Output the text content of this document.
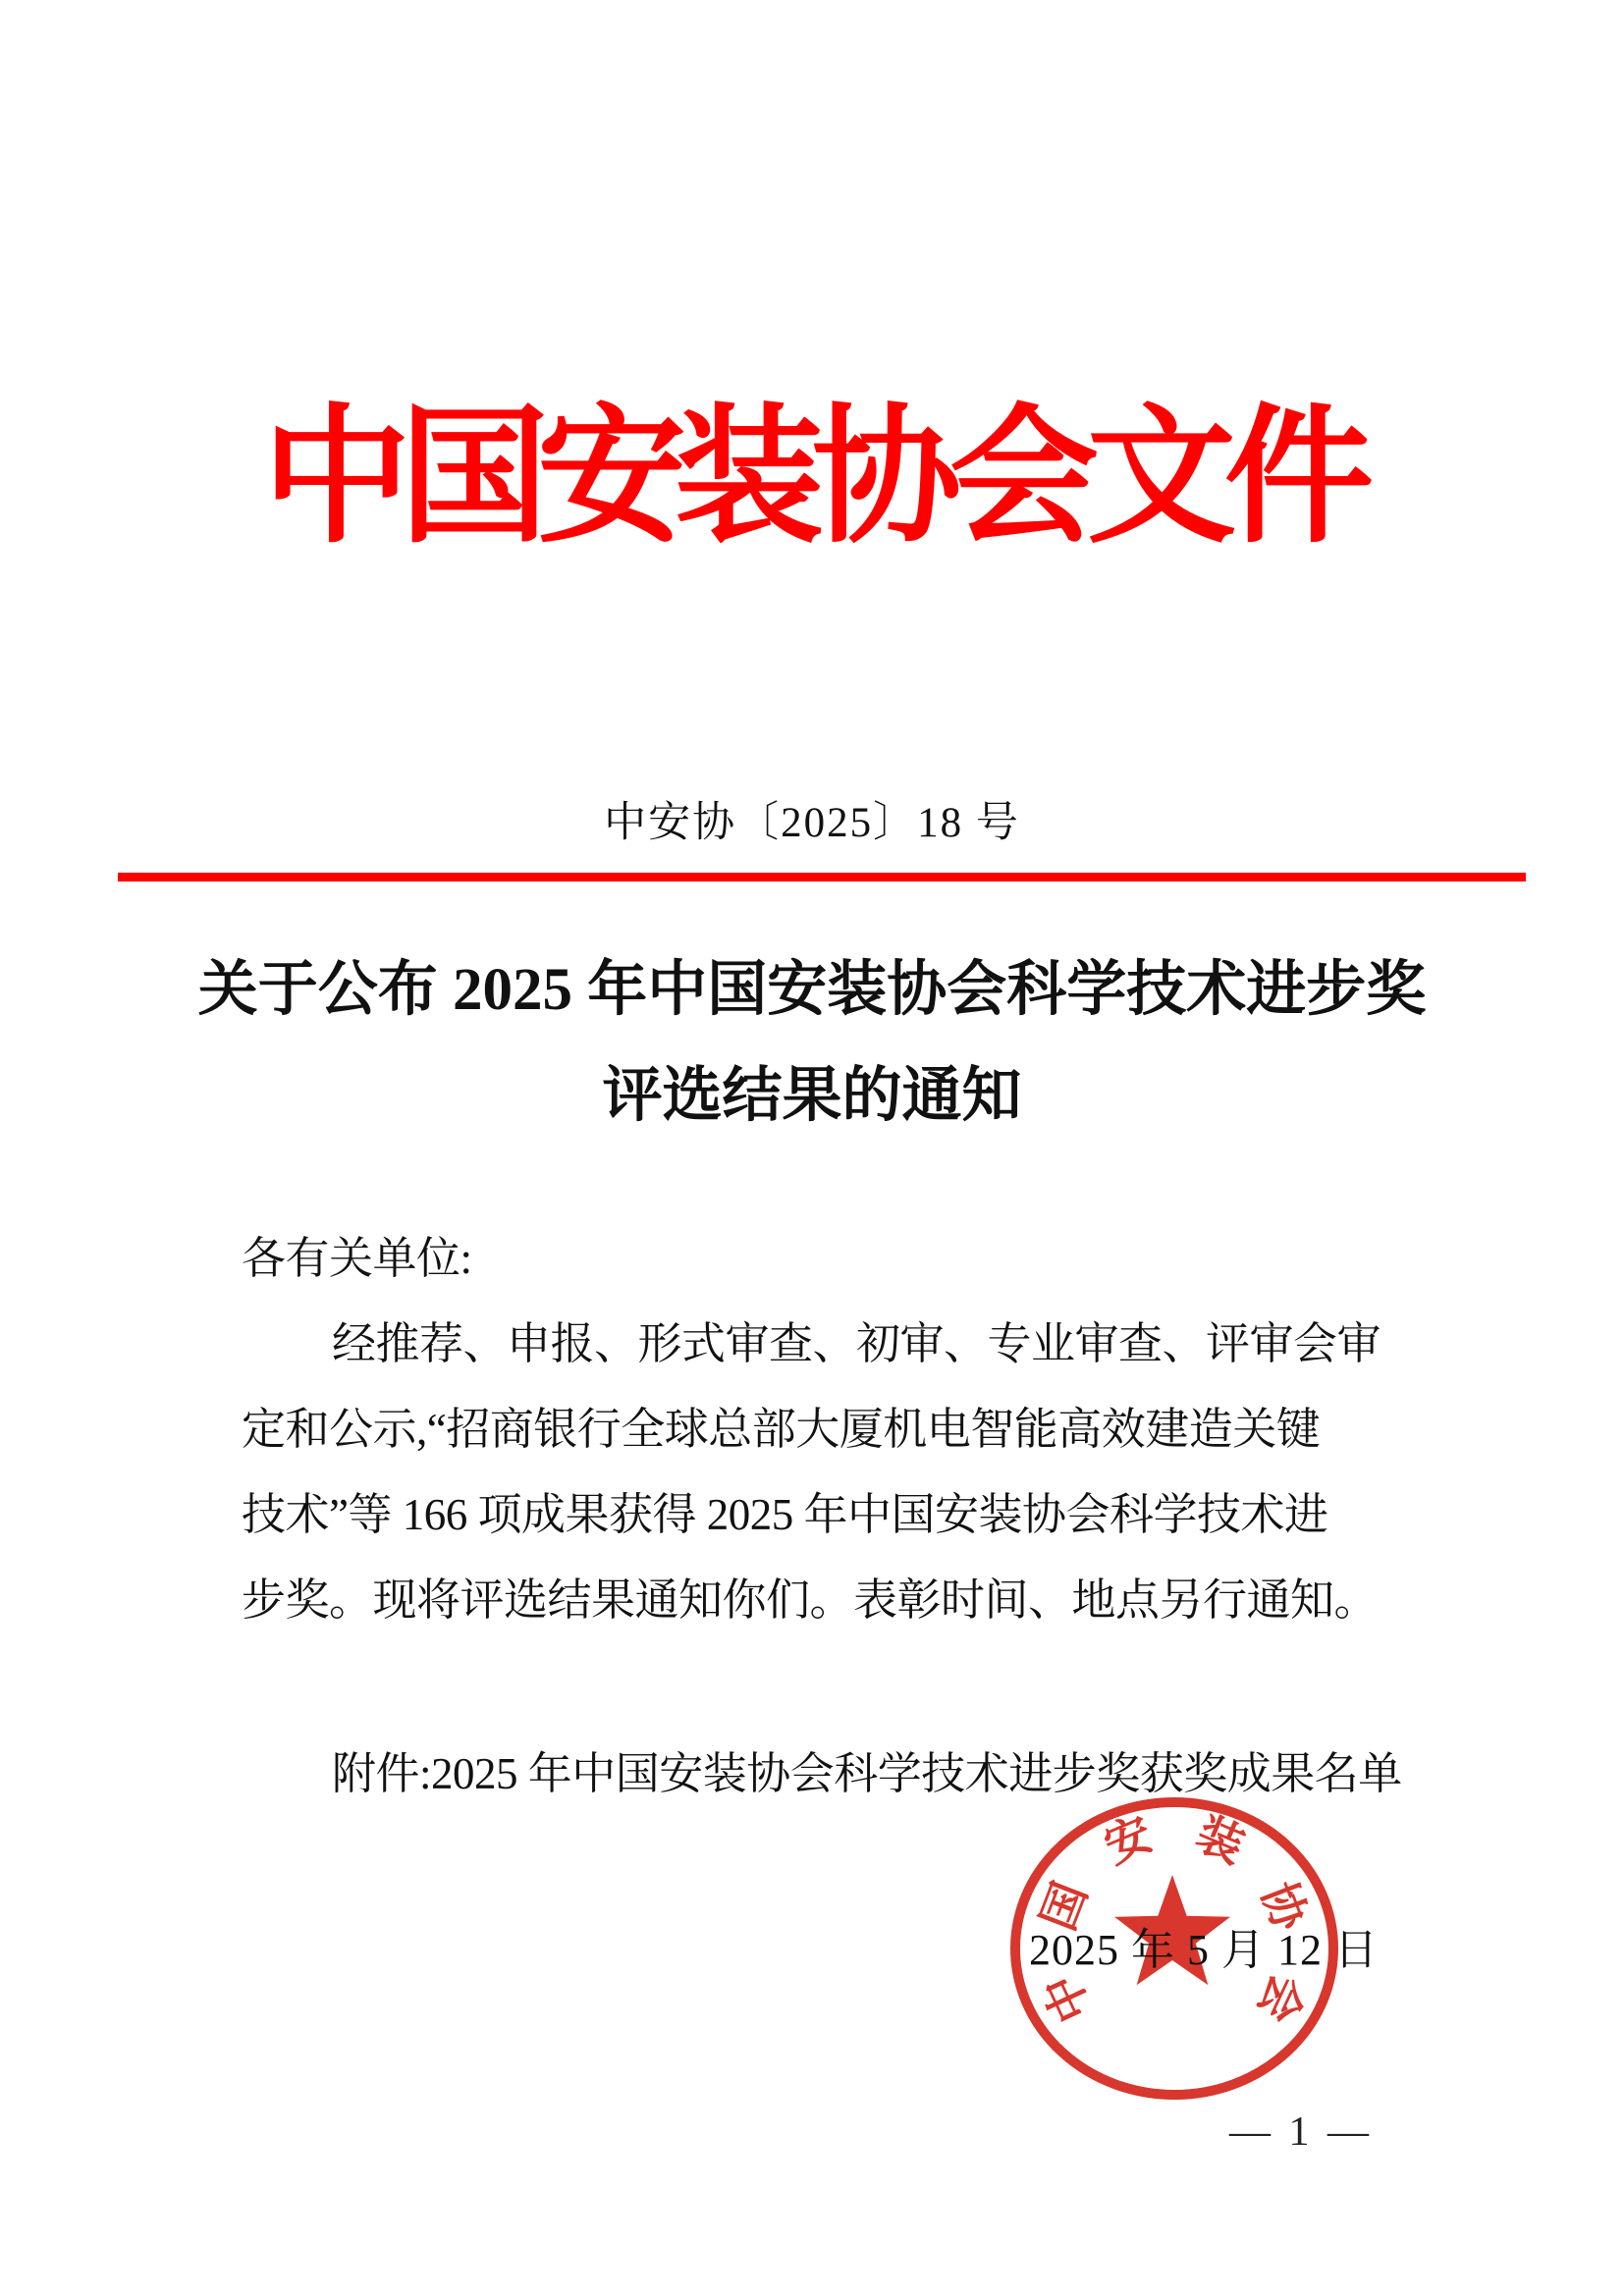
中国安装协会文件
中安协〔2025〕18 号
关于公布 2025 年中国安装协会科学技术进步奖
评选结果的通知
各有关单位:
经推荐、申报、形式审查、初审、专业审查、评审会审
定和公示,“招商银行全球总部大厦机电智能高效建造关键
技术”等 166 项成果获得 2025 年中国安装协会科学技术进
步奖。现将评选结果通知你们。表彰时间、地点另行通知。
附件:2025 年中国安装协会科学技术进步奖获奖成果名单
中
国
安 装
协
会
2025 年 5 月 12 日
— 1 —
